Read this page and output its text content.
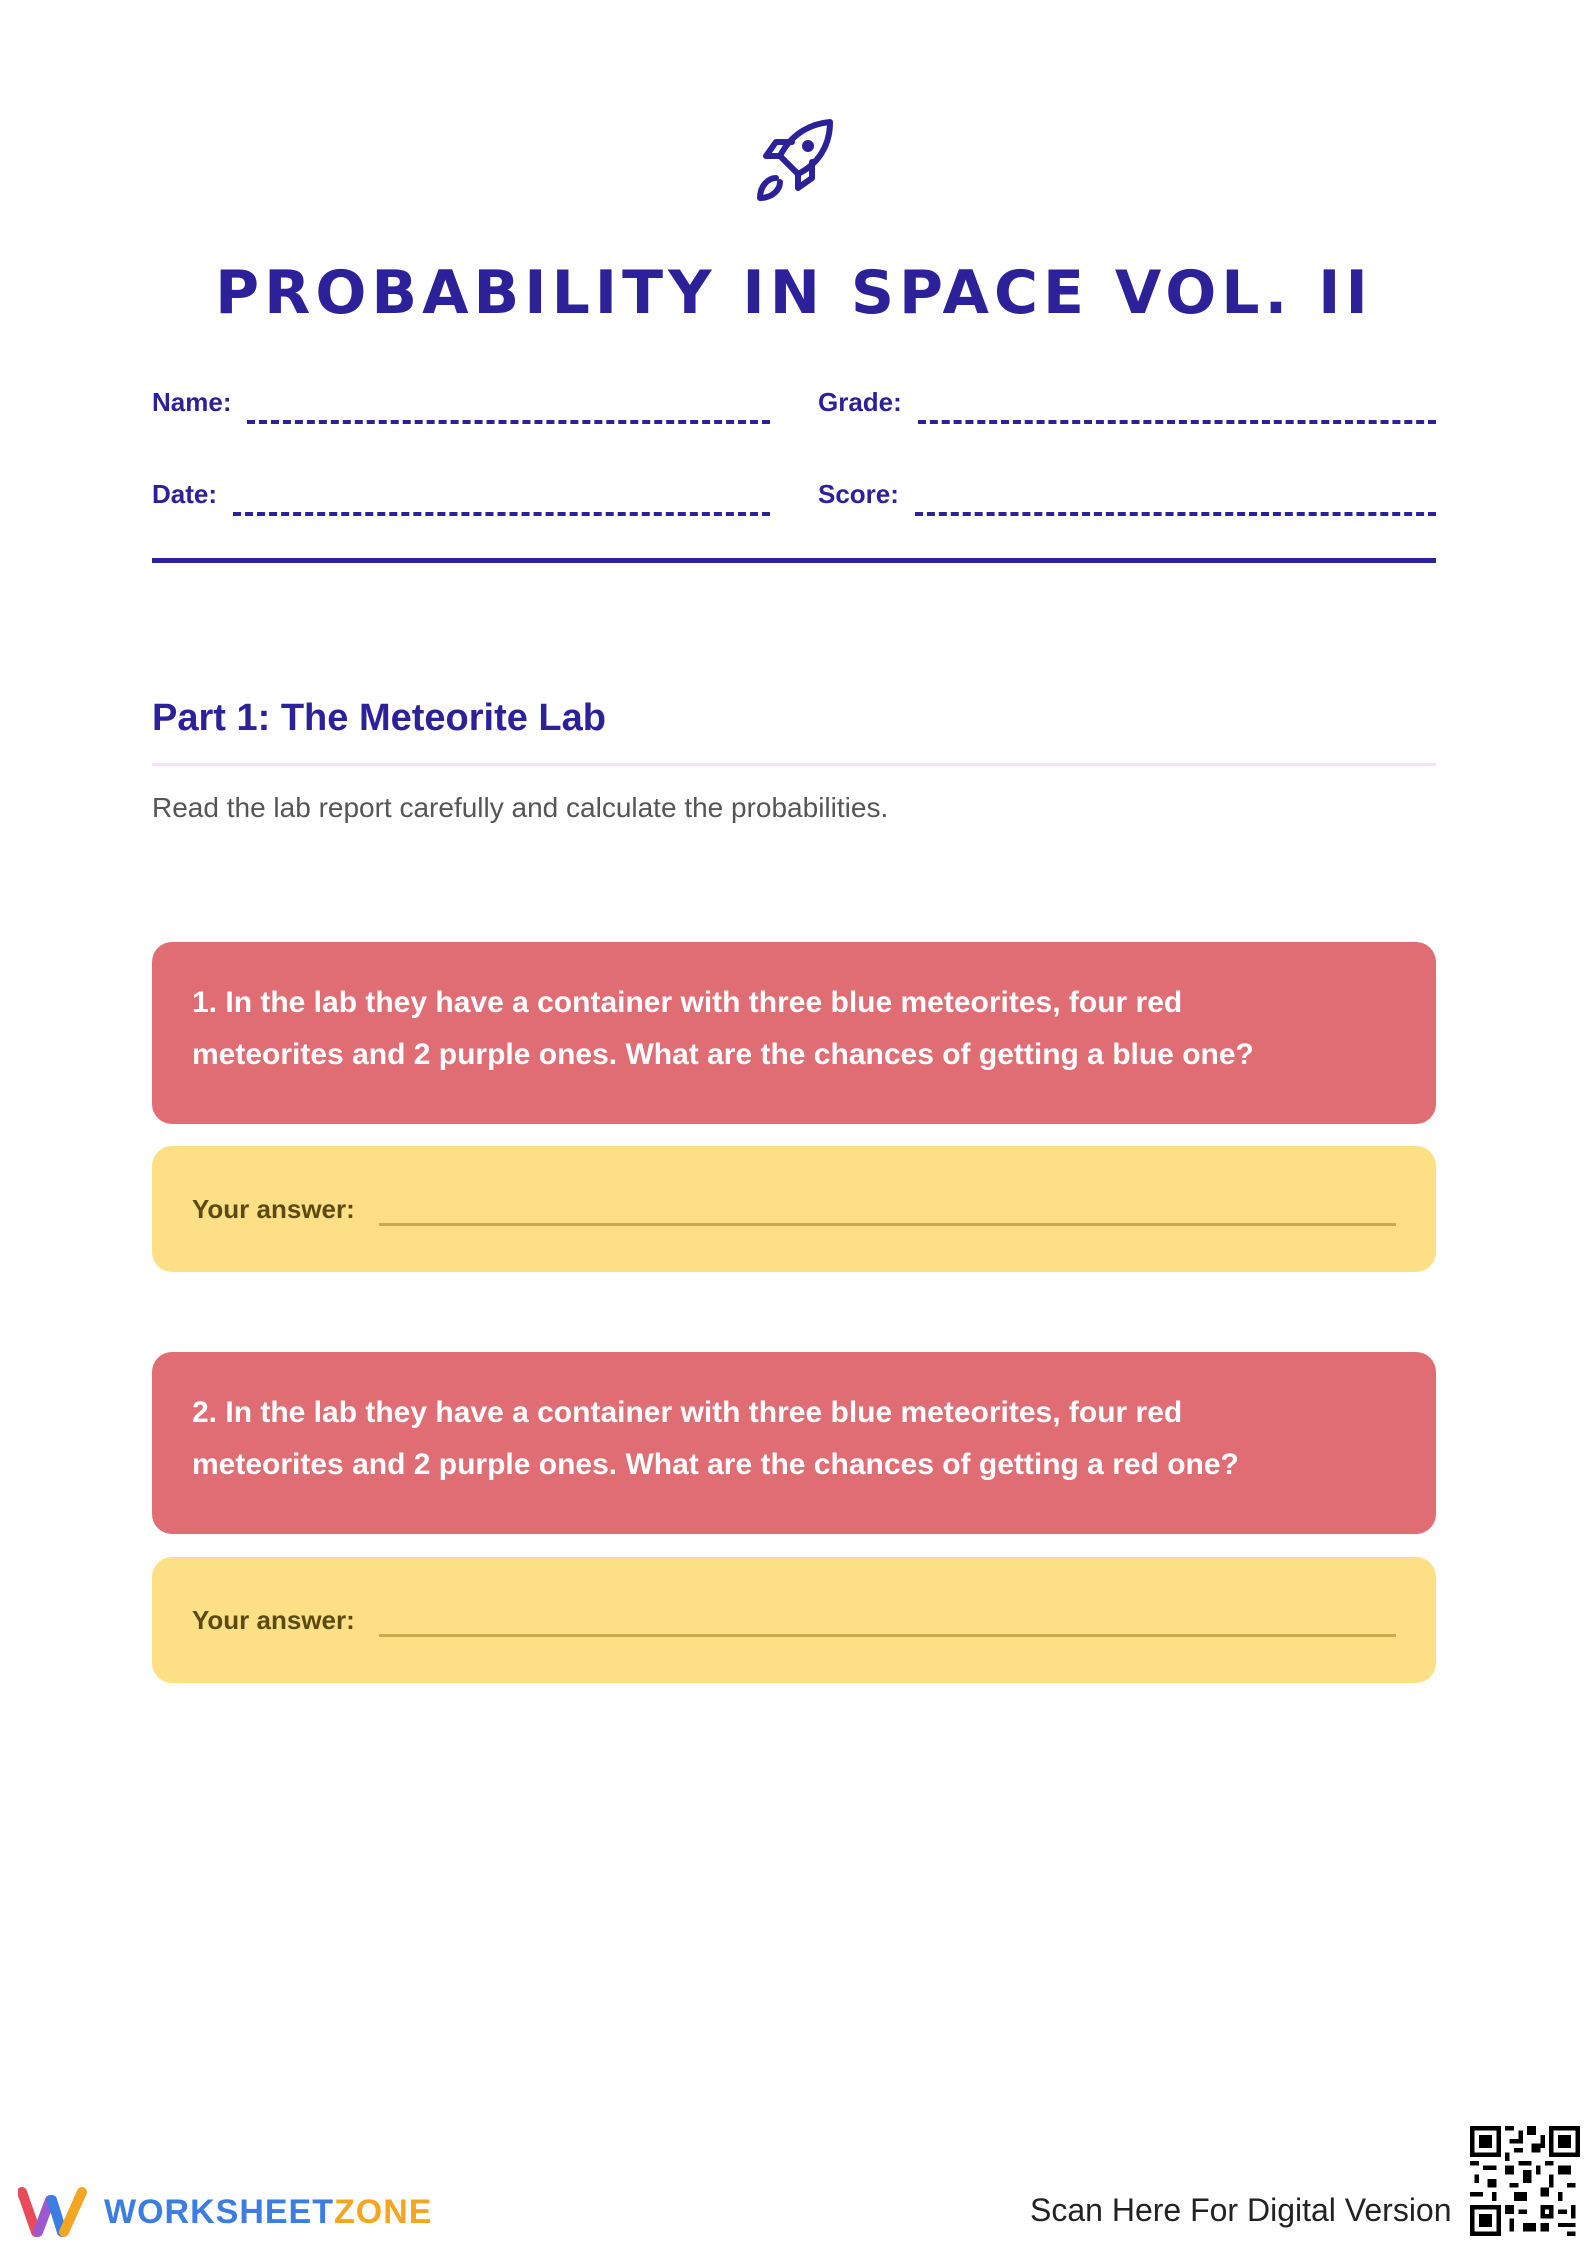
PROBABILITY IN SPACE VOL. II
Name:	Grade:
Date:	Score:
Part 1: The Meteorite Lab
Read the lab report carefully and calculate the probabilities.
1. In the lab they have a container with three blue meteorites, four red
meteorites and 2 purple ones. What are the chances of getting a blue one?
Your answer:
2. In the lab they have a container with three blue meteorites, four red
meteorites and 2 purple ones. What are the chances of getting a red one?
Your answer:
WORKSHEETZONE	Scan Here For Digital Version
